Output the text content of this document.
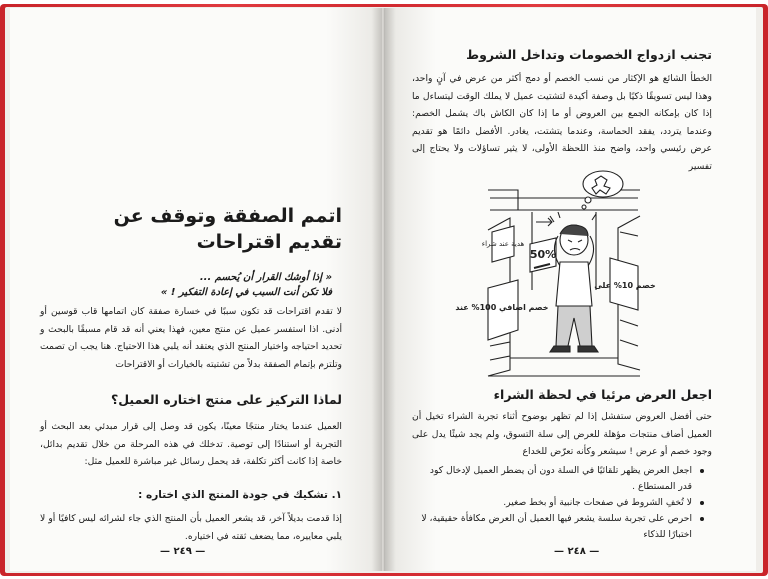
اتمم الصفقة وتوقف عن تقديم اقتراحات
« إذا أوشك القرار أن يُحسم ...
فلا تكن أنت السبب في إعادة التفكير ! »

لا تقدم اقتراحات قد تكون سببًا في خسارة صفقة كان اتمامها قاب قوسين أو أدنى. اذا استفسر عميل عن منتج معين، فهذا يعني أنه قد قام مسبقًا بالبحث و تحديد احتياجه واختيار المنتج الذي يعتقد أنه يلبي هذا الاحتياج. هنا يجب ان تصمت وتلتزم بإتمام الصفقة بدلاً من تشتيته بالخيارات أو الاقتراحات

لماذا التركيز على منتج اختاره العميل؟

العميل عندما يختار منتجًا معينًا، يكون قد وصل إلى قرار مبدئي بعد البحث أو التجربة أو استنادًا إلى توصية. تدخلك في هذه المرحلة من خلال تقديم بدائل، خاصة إذا كانت أكثر تكلفة، قد يحمل رسائل غير مباشرة للعميل مثل:

١. تشكيك في جودة المنتج الذي اختاره :

إذا قدمت بديلاً آخر، قد يشعر العميل بأن المنتج الذي جاء لشرائه ليس كافيًا أو لا يلبي معاييره، مما يضعف ثقته في اختياره.

— ٢٤٩ —
تجنب ازدواج الخصومات وتداخل الشروط

الخطأ الشائع هو الإكثار من نسب الخصم أو دمج أكثر من عرض في آنٍ واحد، وهذا ليس تسويقًا ذكيًا بل وصفة أكيدة لتشتيت عميل لا يملك الوقت ليتساءل ما إذا كان بإمكانه الجمع بين العروض أو ما إذا كان الكاش باك يشمل الخصم: وعندما يتردد، يفقد الحماسة، وعندما يتشتت، يغادر. الأفضل دائمًا هو تقديم عرض رئيسي واحد، واضح منذ اللحظة الأولى، لا يثير تساؤلات ولا يحتاج إلى تفسير

هدية عند شراء
50%
خصم اضافي 100% عند
خصم 10% على
اجعل العرض مرئيا في لحظة الشراء

حتى أفضل العروض ستفشل إذا لم تظهر بوضوح أثناء تجربة الشراء تخيل أن العميل أضاف منتجات مؤهلة للعرض إلى سلة التسوق، ولم يجد شيئًا يدل على وجود خصم أو عرض ! سيشعر وكأنه تعرّض للخداع

اجعل العرض يظهر تلقائيًا في السلة دون أن يضطر العميل لإدخال كود قدر المستطاع .
لا تُخفِ الشروط في صفحات جانبية أو بخط صغير.
احرص على تجربة سلسة يشعر فيها العميل أن العرض مكافأة حقيقية، لا اختبارًا للذكاء
— ٢٤٨ —
